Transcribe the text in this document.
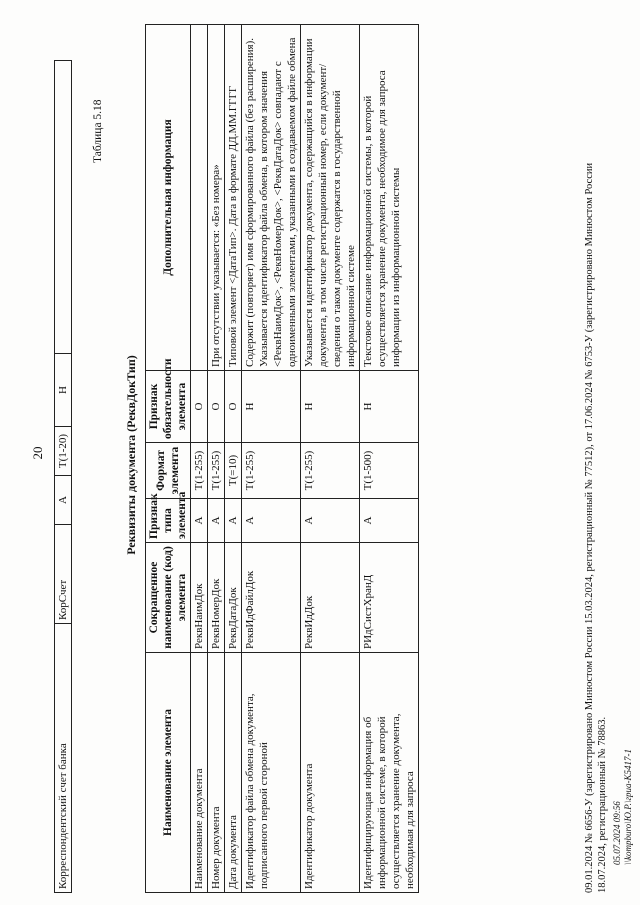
Корреспондентский счет банка	КорСчет	А	Т(1-20)	Н	
20
Таблица 5.18
Реквизиты документа (РеквДокТип)
Наименование элемента	Сокращенное наименование (код) элемента	Признак типа элемента	Формат элемента	Признак обязательности элемента	Дополнительная информация
Наименование документа	РеквНаимДок	А	Т(1-255)	О	
Номер документа	РеквНомерДок	А	Т(1-255)	О	При отсутствии указывается: «Без номера»
Дата документа	РеквДатаДок	А	Т(=10)	О	Типовой элемент <ДатаТип>. Дата в формате ДД.ММ.ГГГГ
Идентификатор файла обмена документа, подписанного первой стороной	РеквИдФайлДок	А	Т(1-255)	Н	Содержит (повторяет) имя сформированного файла (без расширения). Указывается идентификатор файла обмена, в котором значения <РеквНаимДок>, <РеквНомерДок>, <РеквДатаДок> совпадают с одноименными элементами, указанными в создаваемом файле обмена
Идентификатор документа	РеквИдДок	А	Т(1-255)	Н	Указывается идентификатор документа, содержащийся в информации документа, в том числе регистрационный номер, если документ/сведения о таком документе содержатся в государственной информационной системе
Идентифицирующая информация об информационной системе, в которой осуществляется хранение документа, необходимая для запроса	РИдСистХранД	А	Т(1-500)	Н	Текстовое описание информационной системы, в которой осуществляется хранение документа, необходимое для запроса информации из информационной системы	09.01.2024 № 6656-У (зарегистрировано Минюстом России 15.03.2024, регистрационный № 77512), от 17.06.2024 № 6753-У (зарегистрировано Минюстом России 18.07.2024, регистрационный № 78863. 05.07.2024 09:56 \\kompburo\Ю.Р.\гриа-К5417-1
